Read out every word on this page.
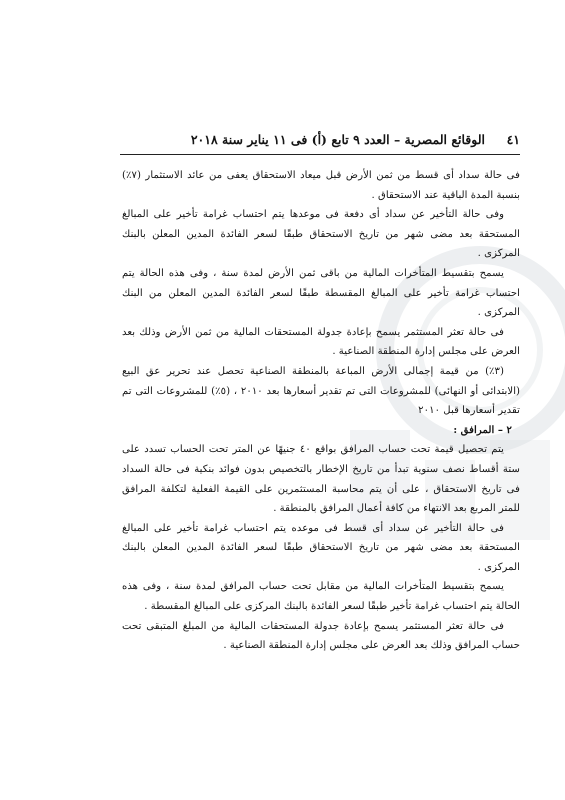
٤١
الوقائع المصرية – العدد ٩ تابع (أ) فى ١١ يناير سنة ٢٠١٨

فى حالة سداد أى قسط من ثمن الأرض قبل ميعاد الاستحقاق يعفى من عائد الاستثمار (٧٪) بنسبة المدة الباقية عند الاستحقاق .

وفى حالة التأخير عن سداد أى دفعة فى موعدها يتم احتساب غرامة تأخير على المبالغ المستحقة بعد مضى شهر من تاريخ الاستحقاق طبقًا لسعر الفائدة المدين المعلن بالبنك المركزى .

يسمح بتقسيط المتأخرات المالية من باقى ثمن الأرض لمدة سنة ، وفى هذه الحالة يتم احتساب غرامة تأخير على المبالغ المقسطة طبقًا لسعر الفائدة المدين المعلن من البنك المركزى .

فى حالة تعثر المستثمر يسمح بإعادة جدولة المستحقات المالية من ثمن الأرض وذلك بعد العرض على مجلس إدارة المنطقة الصناعية .

(٣٪) من قيمة إجمالى الأرض المباعة بالمنطقة الصناعية تحصل عند تحرير عق البيع (الابتدائى أو النهائى) للمشروعات التى تم تقدير أسعارها بعد ٢٠١٠ ، (٥٪) للمشروعات التى تم تقدير أسعارها قبل ٢٠١٠

٢ – المرافق :

يتم تحصيل قيمة تحت حساب المرافق بواقع ٤٠ جنيهًا عن المتر تحت الحساب تسدد على ستة أقساط نصف سنوية تبدأ من تاريخ الإخطار بالتخصيص بدون فوائد بنكية فى حالة السداد فى تاريخ الاستحقاق ، على أن يتم محاسبة المستثمرين على القيمة الفعلية لتكلفة المرافق للمتر المربع بعد الانتهاء من كافة أعمال المرافق بالمنطقة .

فى حالة التأخير عن سداد أى قسط فى موعده يتم احتساب غرامة تأخير على المبالغ المستحقة بعد مضى شهر من تاريخ الاستحقاق طبقًا لسعر الفائدة المدين المعلن بالبنك المركزى .

يسمح بتقسيط المتأخرات المالية من مقابل تحت حساب المرافق لمدة سنة ، وفى هذه الحالة يتم احتساب غرامة تأخير طبقًا لسعر الفائدة بالبنك المركزى على المبالغ المقسطة .

فى حالة تعثر المستثمر يسمح بإعادة جدولة المستحقات المالية من المبلغ المتبقى تحت حساب المرافق وذلك بعد العرض على مجلس إدارة المنطقة الصناعية .
